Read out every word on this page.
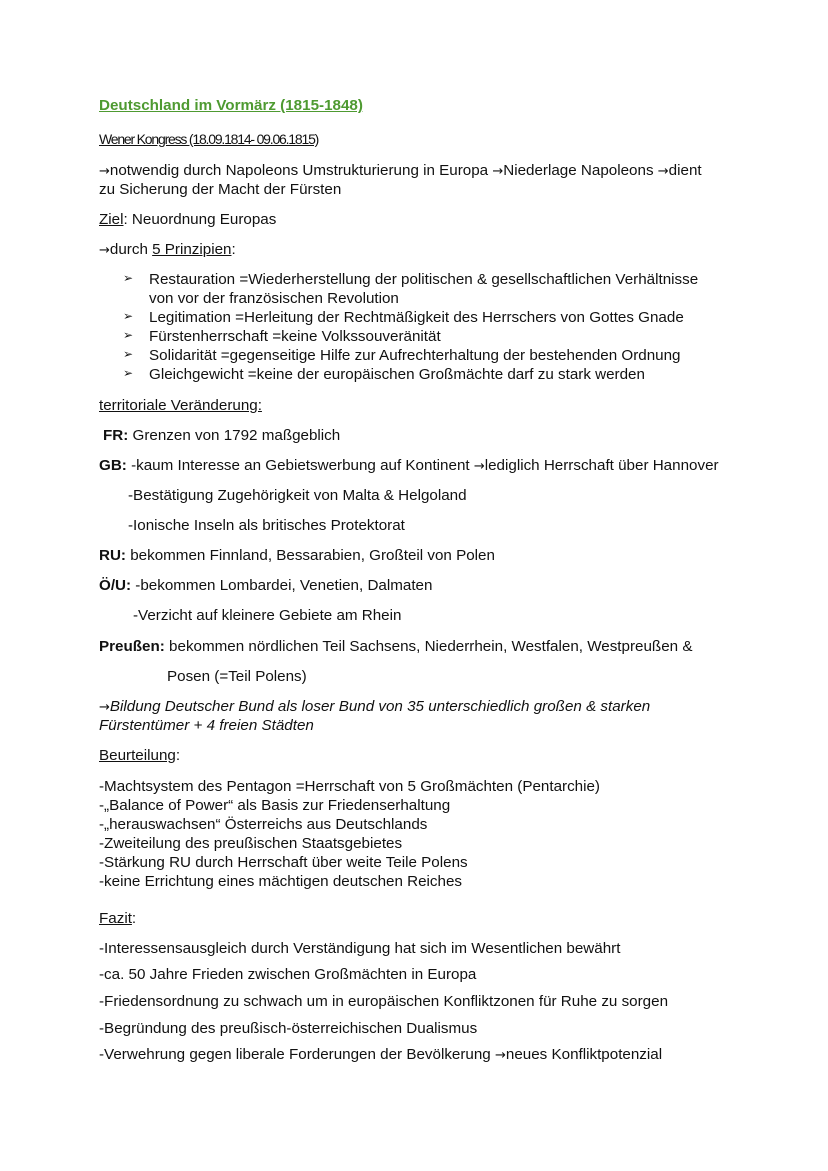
Deutschland im Vormärz (1815-1848)
Wener Kongress (18.09.1814- 09.06.1815)
→notwendig durch Napoleons Umstrukturierung in Europa →Niederlage Napoleons →dient
zu Sicherung der Macht der Fürsten
Ziel: Neuordnung Europas
→durch 5 Prinzipien:
➢ Restauration =Wiederherstellung der politischen & gesellschaftlichen Verhältnisse
von vor der französischen Revolution
➢ Legitimation =Herleitung der Rechtmäßigkeit des Herrschers von Gottes Gnade
➢ Fürstenherrschaft =keine Volkssouveränität
➢ Solidarität =gegenseitige Hilfe zur Aufrechterhaltung der bestehenden Ordnung
➢ Gleichgewicht =keine der europäischen Großmächte darf zu stark werden
territoriale Veränderung:
FR: Grenzen von 1792 maßgeblich
GB: -kaum Interesse an Gebietswerbung auf Kontinent →lediglich Herrschaft über Hannover
-Bestätigung Zugehörigkeit von Malta & Helgoland
-Ionische Inseln als britisches Protektorat
RU: bekommen Finnland, Bessarabien, Großteil von Polen
Ö/U: -bekommen Lombardei, Venetien, Dalmaten
-Verzicht auf kleinere Gebiete am Rhein
Preußen: bekommen nördlichen Teil Sachsens, Niederrhein, Westfalen, Westpreußen &
Posen (=Teil Polens)
→Bildung Deutscher Bund als loser Bund von 35 unterschiedlich großen & starken
Fürstentümer + 4 freien Städten
Beurteilung:
-Machtsystem des Pentagon =Herrschaft von 5 Großmächten (Pentarchie)
-„Balance of Power“ als Basis zur Friedenserhaltung
-„herauswachsen“ Österreichs aus Deutschlands
-Zweiteilung des preußischen Staatsgebietes
-Stärkung RU durch Herrschaft über weite Teile Polens
-keine Errichtung eines mächtigen deutschen Reiches
Fazit:
-Interessensausgleich durch Verständigung hat sich im Wesentlichen bewährt
-ca. 50 Jahre Frieden zwischen Großmächten in Europa
-Friedensordnung zu schwach um in europäischen Konfliktzonen für Ruhe zu sorgen
-Begründung des preußisch-österreichischen Dualismus
-Verwehrung gegen liberale Forderungen der Bevölkerung →neues Konfliktpotenzial
